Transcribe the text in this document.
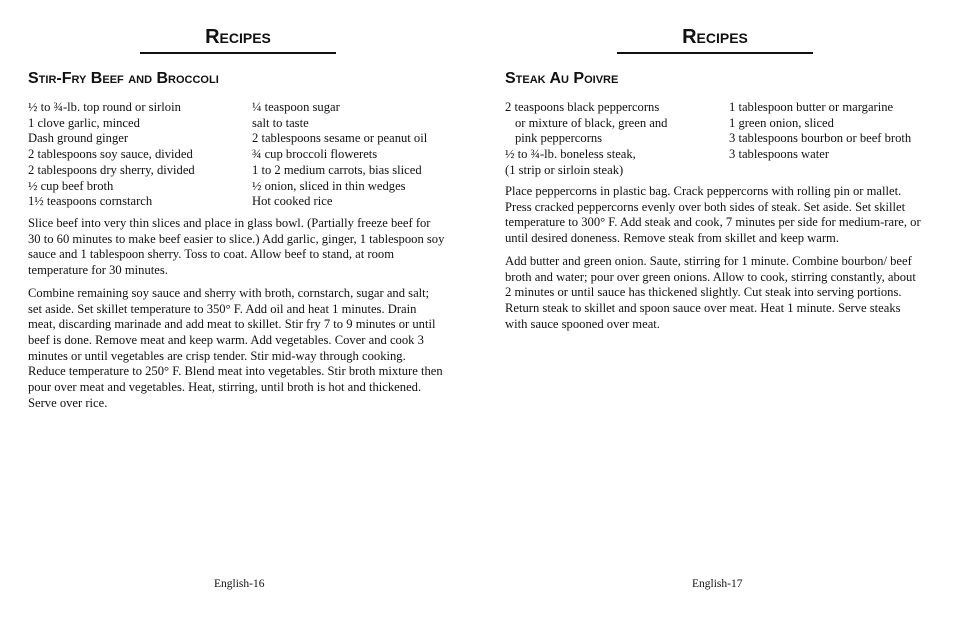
Recipes
Stir-Fry Beef and Broccoli
½ to ¾-lb. top round or sirloin
1 clove garlic, minced
Dash ground ginger
2 tablespoons soy sauce, divided
2 tablespoons dry sherry, divided
½ cup beef broth
1½ teaspoons cornstarch
¼ teaspoon sugar
salt to taste
2 tablespoons sesame or peanut oil
¾ cup broccoli flowerets
1 to 2 medium carrots, bias sliced
½ onion, sliced in thin wedges
Hot cooked rice

Slice beef into very thin slices and place in glass bowl. (Partially freeze beef for 30 to 60 minutes to make beef easier to slice.) Add garlic, ginger, 1 tablespoon soy sauce and 1 tablespoon sherry. Toss to coat. Allow beef to stand, at room temperature for 30 minutes.

Combine remaining soy sauce and sherry with broth, cornstarch, sugar and salt; set aside. Set skillet temperature to 350° F. Add oil and heat 1 minutes. Drain meat, discarding marinade and add meat to skillet. Stir fry 7 to 9 minutes or until beef is done. Remove meat and keep warm. Add vegetables. Cover and cook 3 minutes or until vegetables are crisp tender. Stir mid-way through cooking. Reduce temperature to 250° F. Blend meat into vegetables. Stir broth mixture then pour over meat and vegetables. Heat, stirring, until broth is hot and thickened. Serve over rice.

English-16
Recipes
Steak Au Poivre
2 teaspoons black peppercorns
or mixture of black, green and
pink peppercorns
½ to ¾-lb. boneless steak,
(1 strip or sirloin steak)
1 tablespoon butter or margarine
1 green onion, sliced
3 tablespoons bourbon or beef broth
3 tablespoons water

Place peppercorns in plastic bag. Crack peppercorns with rolling pin or mallet. Press cracked peppercorns evenly over both sides of steak. Set aside. Set skillet temperature to 300° F. Add steak and cook, 7 minutes per side for medium-rare, or until desired doneness. Remove steak from skillet and keep warm.

Add butter and green onion. Saute, stirring for 1 minute. Combine bourbon/ beef broth and water; pour over green onions. Allow to cook, stirring constantly, about 2 minutes or until sauce has thickened slightly. Cut steak into serving portions. Return steak to skillet and spoon sauce over meat. Heat 1 minute. Serve steaks with sauce spooned over meat.

English-17
